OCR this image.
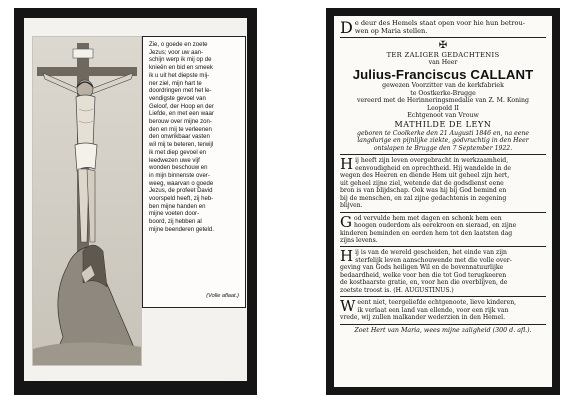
Zie, o goede en zoete
Jezus; voor uw aan-
schijn werp ik mij op de
knieën en bid en smeek
ik u uit het diepste mij-
ner ziel, mijn hart te
doordringen met het le-
vendigste gevoel van
Geloof, der Hoop en der
Liefde, en met een waar
berouw over mijne zon-
den en mij te verleenen
den onwrikbaar vasten
wil mij te beteren, terwijl
ik met diep gevoel en
leedwezen uwe vijf
wonden beschouw en
in mijn binnenste over-
weeg, waarvan o goede
Jezus, de profeet David
voorspeld heeft, zij heb-
ben mijne handen en
mijne voeten door-
boord, zij hebben al
mijne beenderen geteld.
(Volle aflaat.)
O-G	DB 6
D e deur des Hemels staat open voor hie hun betrou-
wen op Maria stellen.
✠
TER ZALIGER GEDACHTENIS
van Heer
Julius-Franciscus CALLANT
gewezen Voorzitter van de kerkfabriek
te Oostkerke-Brugge
vereerd met de Herinneringsmedalie van Z. M. Koning
Leopold II
Echtgenoot van Vrouw
MATHILDE DE LEYN
geboren te Coolkerke den 21 Augusti 1846 en, na eene
langdurige en pijnlijke ziekte, godvruchtig in den Heer
ontslapen te Brugge den 7 September 1922.
H ij heeft zijn leven overgebracht in werkzaamheid,
eenvoudigheid en oprechtheid. Hij wandelde in de
wegen des Heeren en diende Hem uit geheel zijn hert,
uit geheel zijne ziel, wetende dat de godsdienst eene
bron is van blijdschap. Ook was hij bij God bemind en
bij de menschen, en zal zijne gedachtenis in zegening
blijven.
G od vervulde hem met dagen en schonk hem een
hoogen ouderdom als eerekroon en sieraad, en zijne
kinderen beminden en eerden hem tot den laatsten dag
zijns levens.
H ij is van de wereld gescheiden, het einde van zijn
sterfelijk leven aanschouwende met die volle over-
geving van Gods heiligen Wil en de bovennatuurlijke
bedaardheid, welke voor hen die tot God terugkeeren
de kostbaarste gratie, en, voor hen die overblijven, de
zoetste troost is. (H. AUGUSTINUS.)
W eent niet, teergeliefde echtgenoote, lieve kinderen,
ik verlaat een land van ellende, voor een rijk van
vrede, wij zullen malkander wederzien in den Hemel.
Zoet Hert van Maria, wees mijne zaligheid (300 d. afl.).
